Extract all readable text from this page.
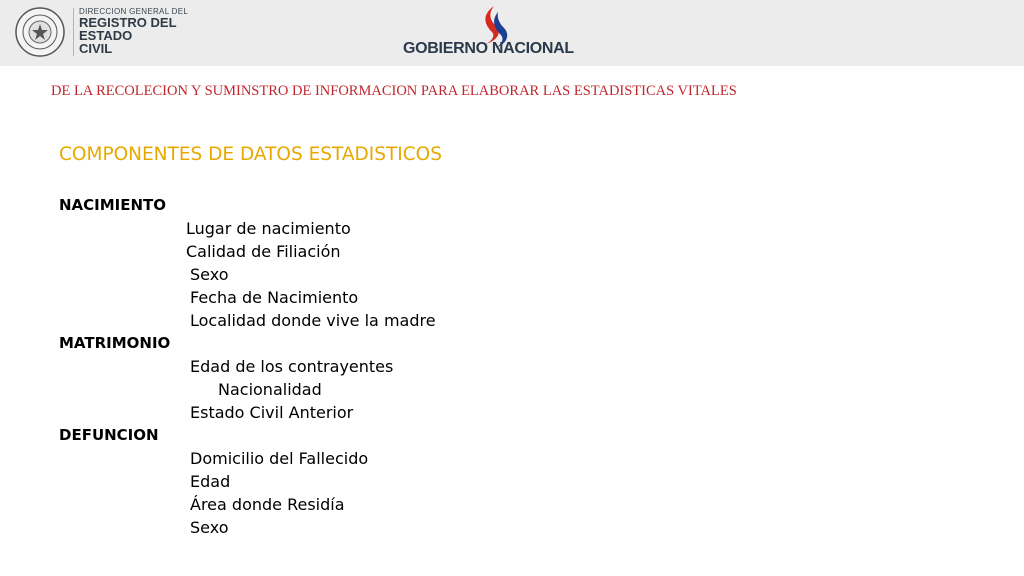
DIRECCION GENERAL DEL
REGISTRO DEL
ESTADO
CIVIL	GOBIERNO NACIONAL
DE LA RECOLECION Y SUMINSTRO DE INFORMACION PARA ELABORAR LAS ESTADISTICAS VITALES
COMPONENTES DE DATOS ESTADISTICOS
NACIMIENTO
Lugar de nacimiento
Calidad de Filiación
Sexo
Fecha de Nacimiento
Localidad donde vive la madre
MATRIMONIO
Edad de los contrayentes
Nacionalidad
Estado Civil Anterior
DEFUNCION
Domicilio del Fallecido
Edad
Área donde Residía
Sexo
